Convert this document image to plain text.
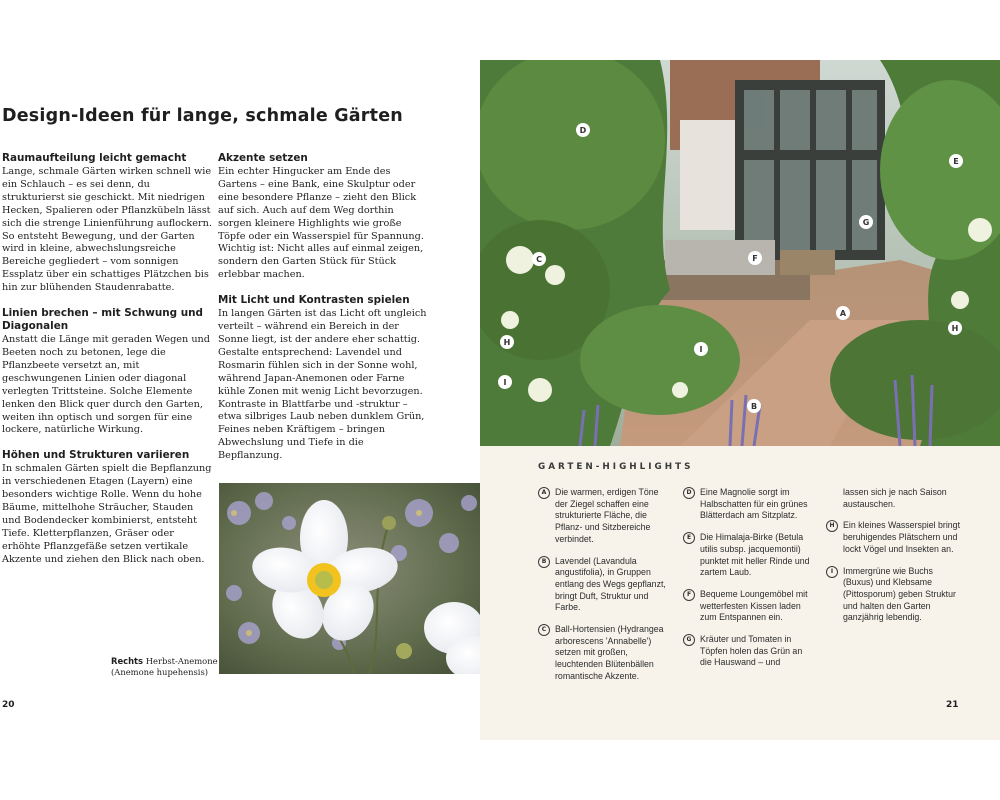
Design-Ideen für lange, schmale Gärten
Raumaufteilung leicht gemacht

Lange, schmale Gärten wirken schnell wie ein Schlauch – es sei denn, du strukturierst sie geschickt. Mit niedrigen Hecken, Spalieren oder Pflanzkübeln lässt sich die strenge Linienführung auflockern. So entsteht Bewegung, und der Garten wird in kleine, abwechslungsreiche Bereiche gegliedert – vom sonnigen Essplatz über ein schattiges Plätzchen bis hin zur blühenden Staudenrabatte.

Linien brechen – mit Schwung und Diagonalen

Anstatt die Länge mit geraden Wegen und Beeten noch zu betonen, lege die Pflanzbeete versetzt an, mit geschwungenen Linien oder diagonal verlegten Trittsteine. Solche Elemente lenken den Blick quer durch den Garten, weiten ihn optisch und sorgen für eine lockere, natürliche Wirkung.

Höhen und Strukturen variieren

In schmalen Gärten spielt die Bepflanzung in verschiedenen Etagen (Layern) eine besonders wichtige Rolle. Wenn du hohe Bäume, mittelhohe Sträucher, Stauden und Bodendecker kombinierst, entsteht Tiefe. Kletterpflanzen, Gräser oder erhöhte Pflanzgefäße setzen vertikale Akzente und ziehen den Blick nach oben.

Akzente setzen

Ein echter Hingucker am Ende des Gartens – eine Bank, eine Skulptur oder eine besondere Pflanze – zieht den Blick auf sich. Auch auf dem Weg dorthin sorgen kleinere Highlights wie große Töpfe oder ein Wasserspiel für Spannung. Wichtig ist: Nicht alles auf einmal zeigen, sondern den Garten Stück für Stück erlebbar machen.

Mit Licht und Kontrasten spielen

In langen Gärten ist das Licht oft ungleich verteilt – während ein Bereich in der Sonne liegt, ist der andere eher schattig. Gestalte entsprechend: Lavendel und Rosmarin fühlen sich in der Sonne wohl, während Japan-Anemonen oder Farne kühle Zonen mit wenig Licht bevorzugen. Kontraste in Blattfarbe und -struktur – etwa silbriges Laub neben dunklem Grün, Feines neben Kräftigem – bringen Abwechslung und Tiefe in die Bepflanzung.

Rechts Herbst-Anemone
(Anemone hupehensis)
20
D
E
G
C	F
A
H
I
I
B
H
GARTEN-HIGHLIGHTS
A Die warmen, erdigen Töne der Ziegel schaffen eine strukturierte Fläche, die Pflanz- und Sitzbereiche verbindet.

B Lavendel (Lavandula angustifolia), in Gruppen entlang des Wegs gepflanzt, bringt Duft, Struktur und Farbe.

C Ball-Hortensien (Hydrangea arborescens 'Annabelle') setzen mit großen, leuchtenden Blütenbällen romantische Akzente.

D Eine Magnolie sorgt im Halbschatten für ein grünes Blätterdach am Sitzplatz.

E	Die Himalaja-Birke (Betula utilis subsp. jacquemontii) punktet mit heller Rinde und zartem Laub.

F	Bequeme Loungemöbel mit wetterfesten Kissen laden zum Entspannen ein.

G Kräuter und Tomaten in Töpfen holen das Grün an die Hauswand – und

lassen sich je nach Saison austauschen.

H Ein kleines Wasserspiel bringt beruhigendes Plätschern und lockt Vögel und Insekten an.

I	Immergrüne wie Buchs (Buxus) und Klebsame (Pittosporum) geben Struktur und halten den Garten ganzjährig lebendig.

21
